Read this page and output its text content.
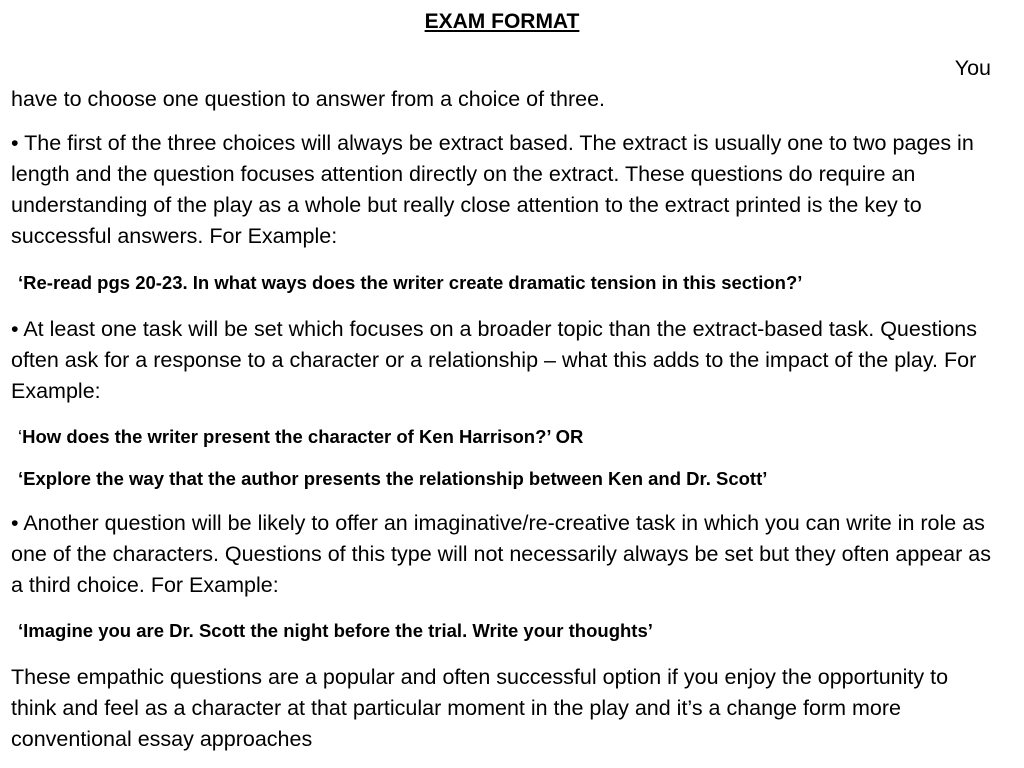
EXAM FORMAT

You

have to choose one question to answer from a choice of three.

• The first of the three choices will always be extract based. The extract is usually one to two pages in length and the question focuses attention directly on the extract. These questions do require an understanding of the play as a whole but really close attention to the extract printed is the key to successful answers. For Example:

‘Re-read pgs 20-23. In what ways does the writer create dramatic tension in this section?’

• At least one task will be set which focuses on a broader topic than the extract-based task. Questions often ask for a response to a character or a relationship – what this adds to the impact of the play. For Example:

‘How does the writer present the character of Ken Harrison?’ OR

‘Explore the way that the author presents the relationship between Ken and Dr. Scott’

• Another question will be likely to offer an imaginative/re-creative task in which you can write in role as one of the characters. Questions of this type will not necessarily always be set but they often appear as a third choice. For Example:

‘Imagine you are Dr. Scott the night before the trial. Write your thoughts’

These empathic questions are a popular and often successful option if you enjoy the opportunity to think and feel as a character at that particular moment in the play and it’s a change form more conventional essay approaches
